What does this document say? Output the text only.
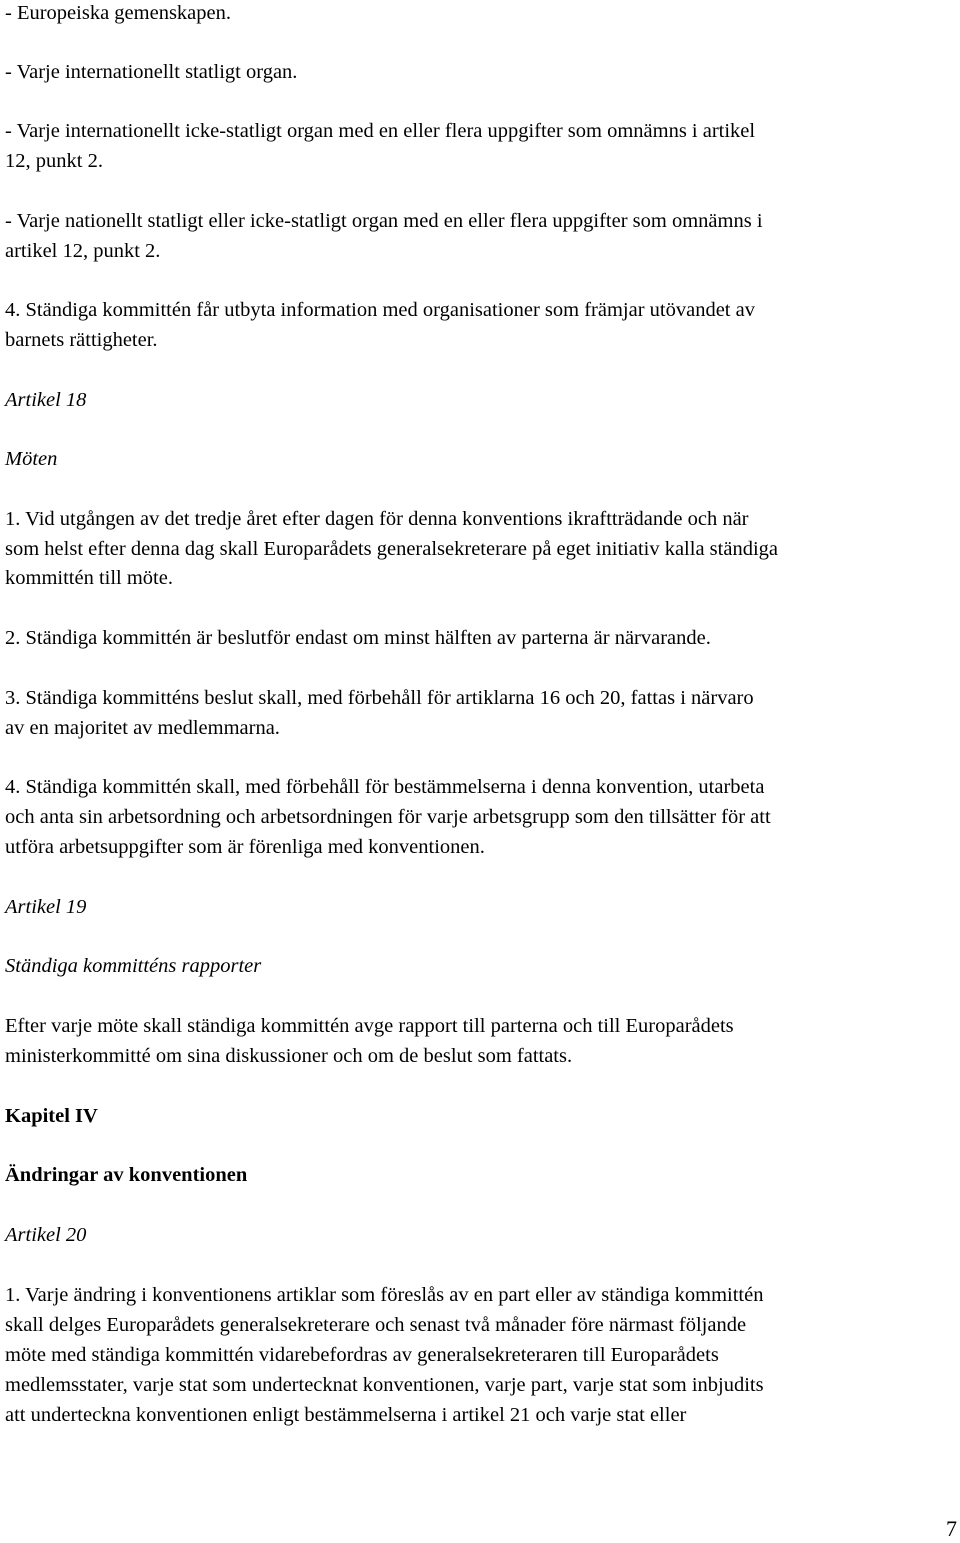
- Europeiska gemenskapen.
- Varje internationellt statligt organ.
- Varje internationellt icke-statligt organ med en eller flera uppgifter som omnämns i artikel
12, punkt 2.
- Varje nationellt statligt eller icke-statligt organ med en eller flera uppgifter som omnämns i
artikel 12, punkt 2.
4. Ständiga kommittén får utbyta information med organisationer som främjar utövandet av
barnets rättigheter.
Artikel 18
Möten
1. Vid utgången av det tredje året efter dagen för denna konventions ikraftträdande och när
som helst efter denna dag skall Europarådets generalsekreterare på eget initiativ kalla ständiga
kommittén till möte.
2. Ständiga kommittén är beslutför endast om minst hälften av parterna är närvarande.
3. Ständiga kommitténs beslut skall, med förbehåll för artiklarna 16 och 20, fattas i närvaro
av en majoritet av medlemmarna.
4. Ständiga kommittén skall, med förbehåll för bestämmelserna i denna konvention, utarbeta
och anta sin arbetsordning och arbetsordningen för varje arbetsgrupp som den tillsätter för att
utföra arbetsuppgifter som är förenliga med konventionen.
Artikel 19
Ständiga kommitténs rapporter
Efter varje möte skall ständiga kommittén avge rapport till parterna och till Europarådets
ministerkommitté om sina diskussioner och om de beslut som fattats.
Kapitel IV
Ändringar av konventionen
Artikel 20
1. Varje ändring i konventionens artiklar som föreslås av en part eller av ständiga kommittén
skall delges Europarådets generalsekreterare och senast två månader före närmast följande
möte med ständiga kommittén vidarebefordras av generalsekreteraren till Europarådets
medlemsstater, varje stat som undertecknat konventionen, varje part, varje stat som inbjudits
att underteckna konventionen enligt bestämmelserna i artikel 21 och varje stat eller
7
